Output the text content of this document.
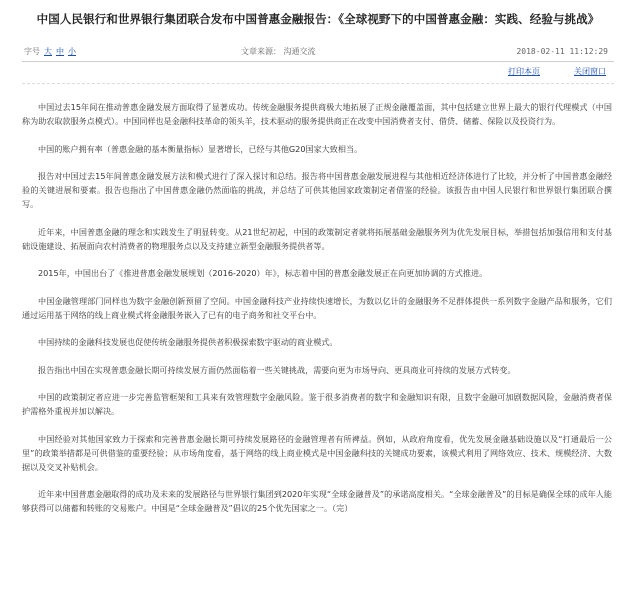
中国人民银行和世界银行集团联合发布中国普惠金融报告：《全球视野下的中国普惠金融：实践、经验与挑战》
字号 大 中 小	文章来源： 沟通交流	2018-02-11 11:12:29
打印本页	关闭窗口

中国过去15年间在推动普惠金融发展方面取得了显著成功。传统金融服务提供商极大地拓展了正规金融覆盖面，其中包括建立世界上最大的银行代理模式（中国称为助农取款服务点模式）。中国同样也是金融科技革命的领头羊，技术驱动的服务提供商正在改变中国消费者支付、借贷、储蓄、保险以及投资行为。

中国的账户拥有率（普惠金融的基本衡量指标）显著增长，已经与其他G20国家大致相当。

报告对中国过去15年间普惠金融发展方法和模式进行了深入探讨和总结。报告将中国普惠金融发展进程与其他相近经济体进行了比较，并分析了中国普惠金融经验的关键进展和要素。报告也指出了中国普惠金融仍然面临的挑战，并总结了可供其他国家政策制定者借鉴的经验。该报告由中国人民银行和世界银行集团联合撰写。

近年来，中国普惠金融的理念和实践发生了明显转变。从21世纪初起，中国的政策制定者就将拓展基础金融服务列为优先发展目标，举措包括加强信用和支付基础设施建设、拓展面向农村消费者的物理服务点以及支持建立新型金融服务提供者等。

2015年，中国出台了《推进普惠金融发展规划（2016-2020）年》，标志着中国的普惠金融发展正在向更加协调的方式推进。

中国金融管理部门同样也为数字金融创新预留了空间。中国金融科技产业持续快速增长，为数以亿计的金融服务不足群体提供一系列数字金融产品和服务，它们通过运用基于网络的线上商业模式将金融服务嵌入了已有的电子商务和社交平台中。

中国持续的金融科技发展也促使传统金融服务提供者积极探索数字驱动的商业模式。

报告指出中国在实现普惠金融长期可持续发展方面仍然面临着一些关键挑战，需要向更为市场导向、更具商业可持续的发展方式转变。

中国的政策制定者应进一步完善监管框架和工具来有效管理数字金融风险。鉴于很多消费者的数字和金融知识有限，且数字金融可加剧数据风险，金融消费者保护需格外重视并加以解决。

中国经验对其他国家致力于探索和完善普惠金融长期可持续发展路径的金融管理者有所裨益。例如，从政府角度看，优先发展金融基础设施以及“打通最后一公里”的政策举措都是可供借鉴的重要经验；从市场角度看，基于网络的线上商业模式是中国金融科技的关键成功要素，该模式利用了网络效应、技术、规模经济、大数据以及交叉补贴机会。

近年来中国普惠金融取得的成功及未来的发展路径与世界银行集团到2020年实现“全球金融普及”的承诺高度相关。“全球金融普及”的目标是确保全球的成年人能够获得可以储蓄和转账的交易账户。中国是“全球金融普及”倡议的25个优先国家之一。（完）
